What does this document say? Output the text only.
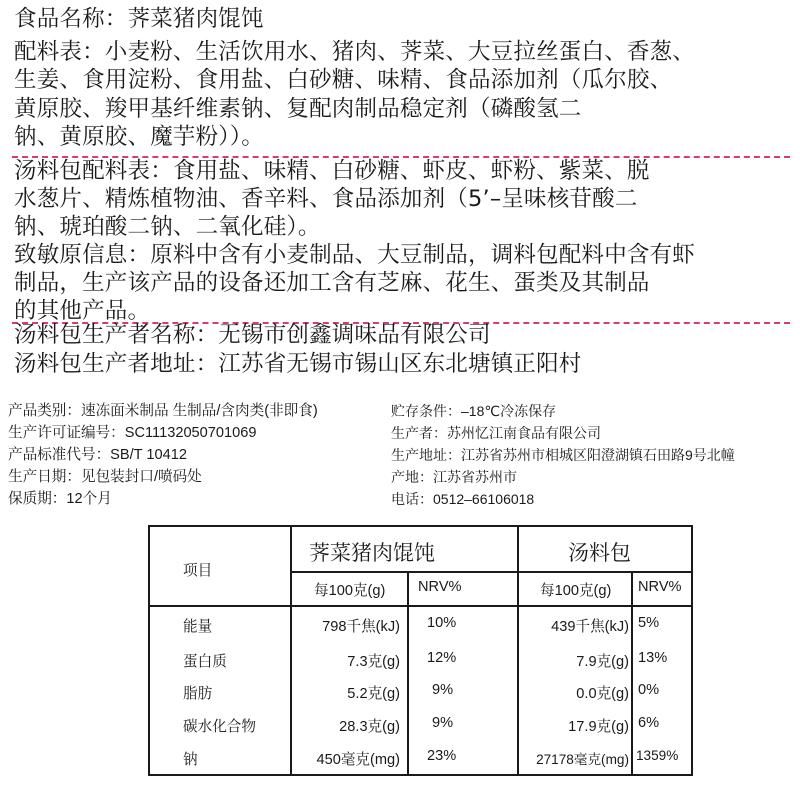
食品名称：荠菜猪肉馄饨
配料表：小麦粉、生活饮用水、猪肉、荠菜、大豆拉丝蛋白、香葱、
生姜、食用淀粉、食用盐、白砂糖、味精、食品添加剂（瓜尔胶、
黄原胶、羧甲基纤维素钠、复配肉制品稳定剂（磷酸氢二
钠、黄原胶、魔芋粉））。
汤料包配料表：食用盐、味精、白砂糖、虾皮、虾粉、紫菜、脱
水葱片、精炼植物油、香辛料、食品添加剂（5’–呈味核苷酸二
钠、琥珀酸二钠、二氧化硅）。
致敏原信息：原料中含有小麦制品、大豆制品，调料包配料中含有虾
制品，生产该产品的设备还加工含有芝麻、花生、蛋类及其制品
的其他产品。
汤料包生产者名称：无锡市创鑫调味品有限公司
汤料包生产者地址：江苏省无锡市锡山区东北塘镇正阳村
产品类别：速冻面米制品 生制品/含肉类(非即食)
生产许可证编号：SC11132050701069
产品标准代号：SB/T 10412
生产日期：见包装封口/喷码处
保质期：12个月
贮存条件：–18℃冷冻保存
生产者：苏州忆江南食品有限公司
生产地址：江苏省苏州市相城区阳澄湖镇石田路9号北幢
产地：江苏省苏州市
电话：0512–66106018
项目
荠菜猪肉馄饨	汤料包
每100克(g) NRV%	每100克(g) NRV%
能量	798千焦(kJ) 10%	439千焦(kJ) 5%
蛋白质	7.3克(g) 12%	7.9克(g) 13%
脂肪	5.2克(g) 9%	0.0克(g) 0%
碳水化合物	28.3克(g) 9%	17.9克(g) 6%
钠	450毫克(mg) 23%	27178毫克(mg) 1359%
